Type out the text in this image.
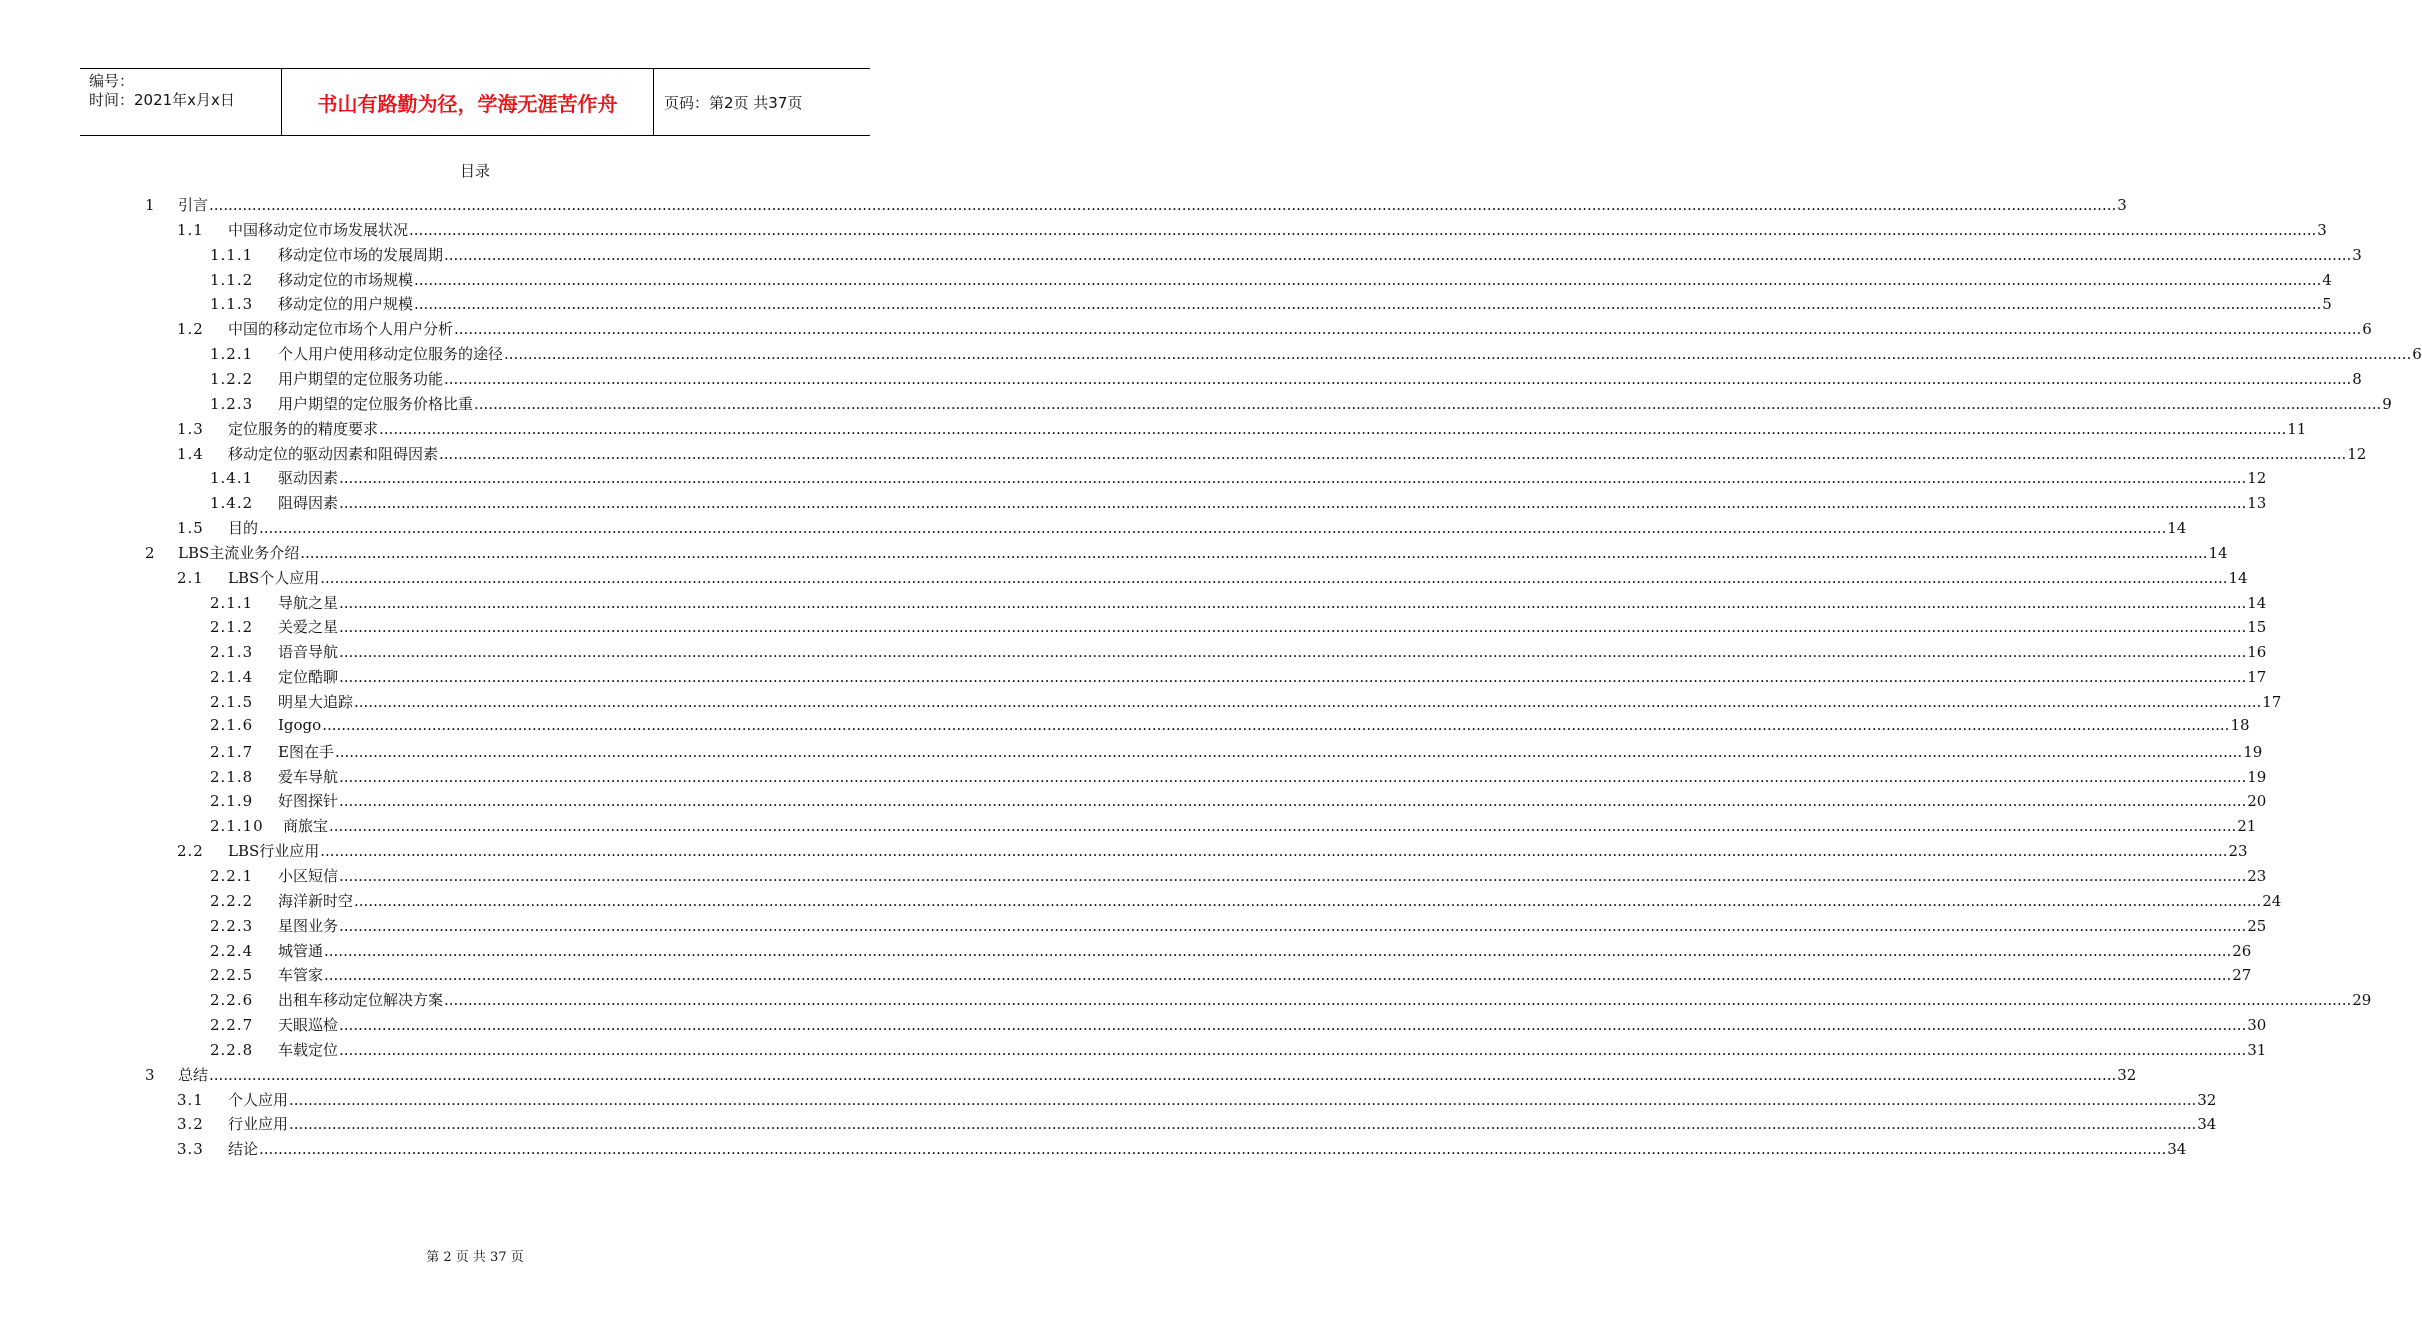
编号：
时间：2021年x月x日	书山有路勤为径，学海无涯苦作舟	页码：第2页 共37页
目录
1	引言 ................................................................................................................................................................................................................................................................................................................................................................................................................ 3
1.1	中国移动定位市场发展状况 ................................................................................................................................................................................................................................................................................................................................................................................................................ 3
1.1.1	移动定位市场的发展周期 ................................................................................................................................................................................................................................................................................................................................................................................................................ 3
1.1.2	移动定位的市场规模 ................................................................................................................................................................................................................................................................................................................................................................................................................ 4
1.1.3	移动定位的用户规模 ................................................................................................................................................................................................................................................................................................................................................................................................................ 5
1.2	中国的移动定位市场个人用户分析 ................................................................................................................................................................................................................................................................................................................................................................................................................ 6
1.2.1	个人用户使用移动定位服务的途径 ................................................................................................................................................................................................................................................................................................................................................................................................................ 6
1.2.2	用户期望的定位服务功能 ................................................................................................................................................................................................................................................................................................................................................................................................................ 8
1.2.3	用户期望的定位服务价格比重 ................................................................................................................................................................................................................................................................................................................................................................................................................ 9
1.3	定位服务的的精度要求 ................................................................................................................................................................................................................................................................................................................................................................................................................ 11
1.4	移动定位的驱动因素和阻碍因素 ................................................................................................................................................................................................................................................................................................................................................................................................................ 12
1.4.1	驱动因素 ................................................................................................................................................................................................................................................................................................................................................................................................................ 12
1.4.2	阻碍因素 ................................................................................................................................................................................................................................................................................................................................................................................................................ 13
1.5	目的 ................................................................................................................................................................................................................................................................................................................................................................................................................ 14
2	LBS主流业务介绍 ................................................................................................................................................................................................................................................................................................................................................................................................................ 14
2.1	LBS个人应用 ................................................................................................................................................................................................................................................................................................................................................................................................................ 14
2.1.1	导航之星 ................................................................................................................................................................................................................................................................................................................................................................................................................ 14
2.1.2	关爱之星 ................................................................................................................................................................................................................................................................................................................................................................................................................ 15
2.1.3	语音导航 ................................................................................................................................................................................................................................................................................................................................................................................................................ 16
2.1.4	定位酷聊 ................................................................................................................................................................................................................................................................................................................................................................................................................ 17
2.1.5	明星大追踪 ................................................................................................................................................................................................................................................................................................................................................................................................................ 17
2.1.6	Igogo ................................................................................................................................................................................................................................................................................................................................................................................................................ 18
2.1.7	E图在手 ................................................................................................................................................................................................................................................................................................................................................................................................................ 19
2.1.8	爱车导航 ................................................................................................................................................................................................................................................................................................................................................................................................................ 19
2.1.9	好图探针 ................................................................................................................................................................................................................................................................................................................................................................................................................ 20
2.1.10	商旅宝 ................................................................................................................................................................................................................................................................................................................................................................................................................ 21
2.2	LBS行业应用 ................................................................................................................................................................................................................................................................................................................................................................................................................ 23
2.2.1	小区短信 ................................................................................................................................................................................................................................................................................................................................................................................................................ 23
2.2.2	海洋新时空 ................................................................................................................................................................................................................................................................................................................................................................................................................ 24
2.2.3	星图业务 ................................................................................................................................................................................................................................................................................................................................................................................................................ 25
2.2.4	城管通 ................................................................................................................................................................................................................................................................................................................................................................................................................ 26
2.2.5	车管家 ................................................................................................................................................................................................................................................................................................................................................................................................................ 27
2.2.6	出租车移动定位解决方案 ................................................................................................................................................................................................................................................................................................................................................................................................................ 29
2.2.7	天眼巡检 ................................................................................................................................................................................................................................................................................................................................................................................................................ 30
2.2.8	车载定位 ................................................................................................................................................................................................................................................................................................................................................................................................................ 31
3	总结 ................................................................................................................................................................................................................................................................................................................................................................................................................ 32
3.1	个人应用 ................................................................................................................................................................................................................................................................................................................................................................................................................ 32
3.2	行业应用 ................................................................................................................................................................................................................................................................................................................................................................................................................ 34
3.3	结论 ................................................................................................................................................................................................................................................................................................................................................................................................................ 34
第 2 页 共 37 页
